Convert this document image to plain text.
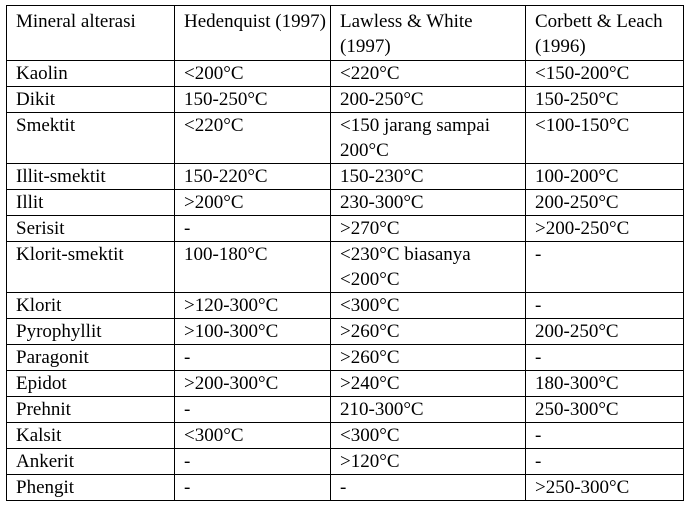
Mineral alterasi	Hedenquist (1997)	Lawless & White (1997)	Corbett & Leach (1996)
Kaolin	<200°C	<220°C	<150-200°C
Dikit	150-250°C	200-250°C	150-250°C
Smektit	<220°C	<150 jarang sampai 200°C	<100-150°C
Illit-smektit	150-220°C	150-230°C	100-200°C
Illit	>200°C	230-300°C	200-250°C
Serisit	-	>270°C	>200-250°C
Klorit-smektit	100-180°C	<230°C biasanya <200°C	-
Klorit	>120-300°C	<300°C	-
Pyrophyllit	>100-300°C	>260°C	200-250°C
Paragonit	-	>260°C	-
Epidot	>200-300°C	>240°C	180-300°C
Prehnit	-	210-300°C	250-300°C
Kalsit	<300°C	<300°C	-
Ankerit	-	>120°C	-
Phengit	-	-	>250-300°C
